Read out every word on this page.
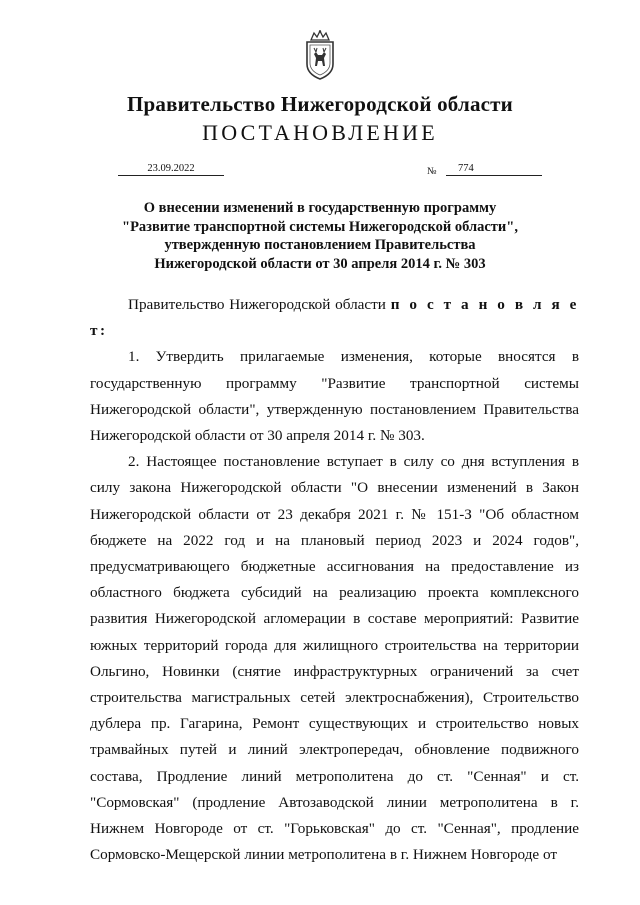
Правительство Нижегородской области
ПОСТАНОВЛЕНИЕ
23.09.2022	№	774
О внесении изменений в государственную программу
"Развитие транспортной системы Нижегородской области",
утвержденную постановлением Правительства
Нижегородской области от 30 апреля 2014 г. № 303

Правительство Нижегородской области п о с т а н о в л я е т:

1. Утвердить прилагаемые изменения, которые вносятся в государственную программу "Развитие транспортной системы Нижегородской области", утвержденную постановлением Правительства Нижегородской области от 30 апреля 2014 г. № 303.

2. Настоящее постановление вступает в силу со дня вступления в силу закона Нижегородской области "О внесении изменений в Закон Нижегородской области от 23 декабря 2021 г. № 151-З "Об областном бюджете на 2022 год и на плановый период 2023 и 2024 годов", предусматривающего бюджетные ассигнования на предоставление из областного бюджета субсидий на реализацию проекта комплексного развития Нижегородской агломерации в составе мероприятий: Развитие южных территорий города для жилищного строительства на территории Ольгино, Новинки (снятие инфраструктурных ограничений за счет строительства магистральных сетей электроснабжения), Строительство дублера пр. Гагарина, Ремонт существующих и строительство новых трамвайных путей и линий электропередач, обновление подвижного состава, Продление линий метрополитена до ст. "Сенная" и ст. "Сормовская" (продление Автозаводской линии метрополитена в г. Нижнем Новгороде от ст. "Горьковская" до ст. "Сенная", продление Сормовско-Мещерской линии метрополитена в г. Нижнем Новгороде от
